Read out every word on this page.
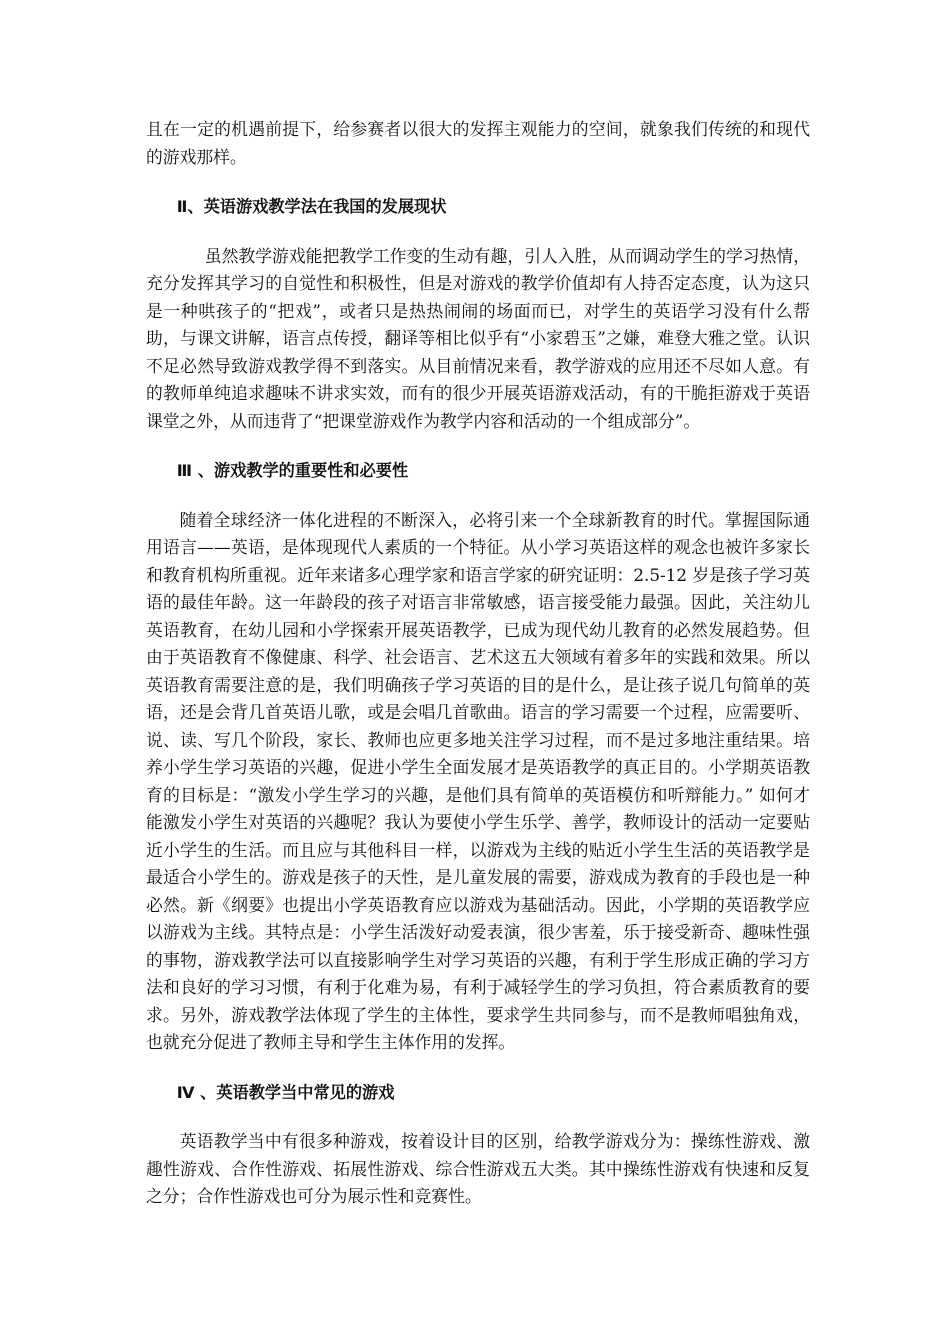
且在一定的机遇前提下，给参赛者以很大的发挥主观能力的空间，就象我们传统的和现代的游戏那样。

Ⅱ、英语游戏教学法在我国的发展现状

虽然教学游戏能把教学工作变的生动有趣，引人入胜，从而调动学生的学习热情，充分发挥其学习的自觉性和积极性，但是对游戏的教学价值却有人持否定态度，认为这只是一种哄孩子的“把戏”，或者只是热热闹闹的场面而已，对学生的英语学习没有什么帮助，与课文讲解，语言点传授，翻译等相比似乎有“小家碧玉”之嫌，难登大雅之堂。认识不足必然导致游戏教学得不到落实。从目前情况来看，教学游戏的应用还不尽如人意。有的教师单纯追求趣味不讲求实效，而有的很少开展英语游戏活动，有的干脆拒游戏于英语课堂之外，从而违背了“把课堂游戏作为教学内容和活动的一个组成部分”。

Ⅲ 、游戏教学的重要性和必要性

随着全球经济一体化进程的不断深入，必将引来一个全球新教育的时代。掌握国际通用语言——英语，是体现现代人素质的一个特征。从小学习英语这样的观念也被许多家长和教育机构所重视。近年来诸多心理学家和语言学家的研究证明：2.5-12 岁是孩子学习英语的最佳年龄。这一年龄段的孩子对语言非常敏感，语言接受能力最强。因此，关注幼儿英语教育，在幼儿园和小学探索开展英语教学，已成为现代幼儿教育的必然发展趋势。但由于英语教育不像健康、科学、社会语言、艺术这五大领域有着多年的实践和效果。所以英语教育需要注意的是，我们明确孩子学习英语的目的是什么，是让孩子说几句简单的英语，还是会背几首英语儿歌，或是会唱几首歌曲。语言的学习需要一个过程，应需要听、说、读、写几个阶段，家长、教师也应更多地关注学习过程，而不是过多地注重结果。培养小学生学习英语的兴趣，促进小学生全面发展才是英语教学的真正目的。小学期英语教育的目标是：“激发小学生学习的兴趣，是他们具有简单的英语模仿和听辩能力。” 如何才能激发小学生对英语的兴趣呢？我认为要使小学生乐学、善学，教师设计的活动一定要贴近小学生的生活。而且应与其他科目一样，以游戏为主线的贴近小学生生活的英语教学是最适合小学生的。游戏是孩子的天性，是儿童发展的需要，游戏成为教育的手段也是一种必然。新《纲要》也提出小学英语教育应以游戏为基础活动。因此，小学期的英语教学应以游戏为主线。其特点是：小学生活泼好动爱表演，很少害羞，乐于接受新奇、趣味性强的事物，游戏教学法可以直接影响学生对学习英语的兴趣，有利于学生形成正确的学习方法和良好的学习习惯，有利于化难为易，有利于减轻学生的学习负担，符合素质教育的要求。另外，游戏教学法体现了学生的主体性，要求学生共同参与，而不是教师唱独角戏，也就充分促进了教师主导和学生主体作用的发挥。

Ⅳ 、英语教学当中常见的游戏

英语教学当中有很多种游戏，按着设计目的区别，给教学游戏分为：操练性游戏、激趣性游戏、合作性游戏、拓展性游戏、综合性游戏五大类。其中操练性游戏有快速和反复之分；合作性游戏也可分为展示性和竞赛性。
